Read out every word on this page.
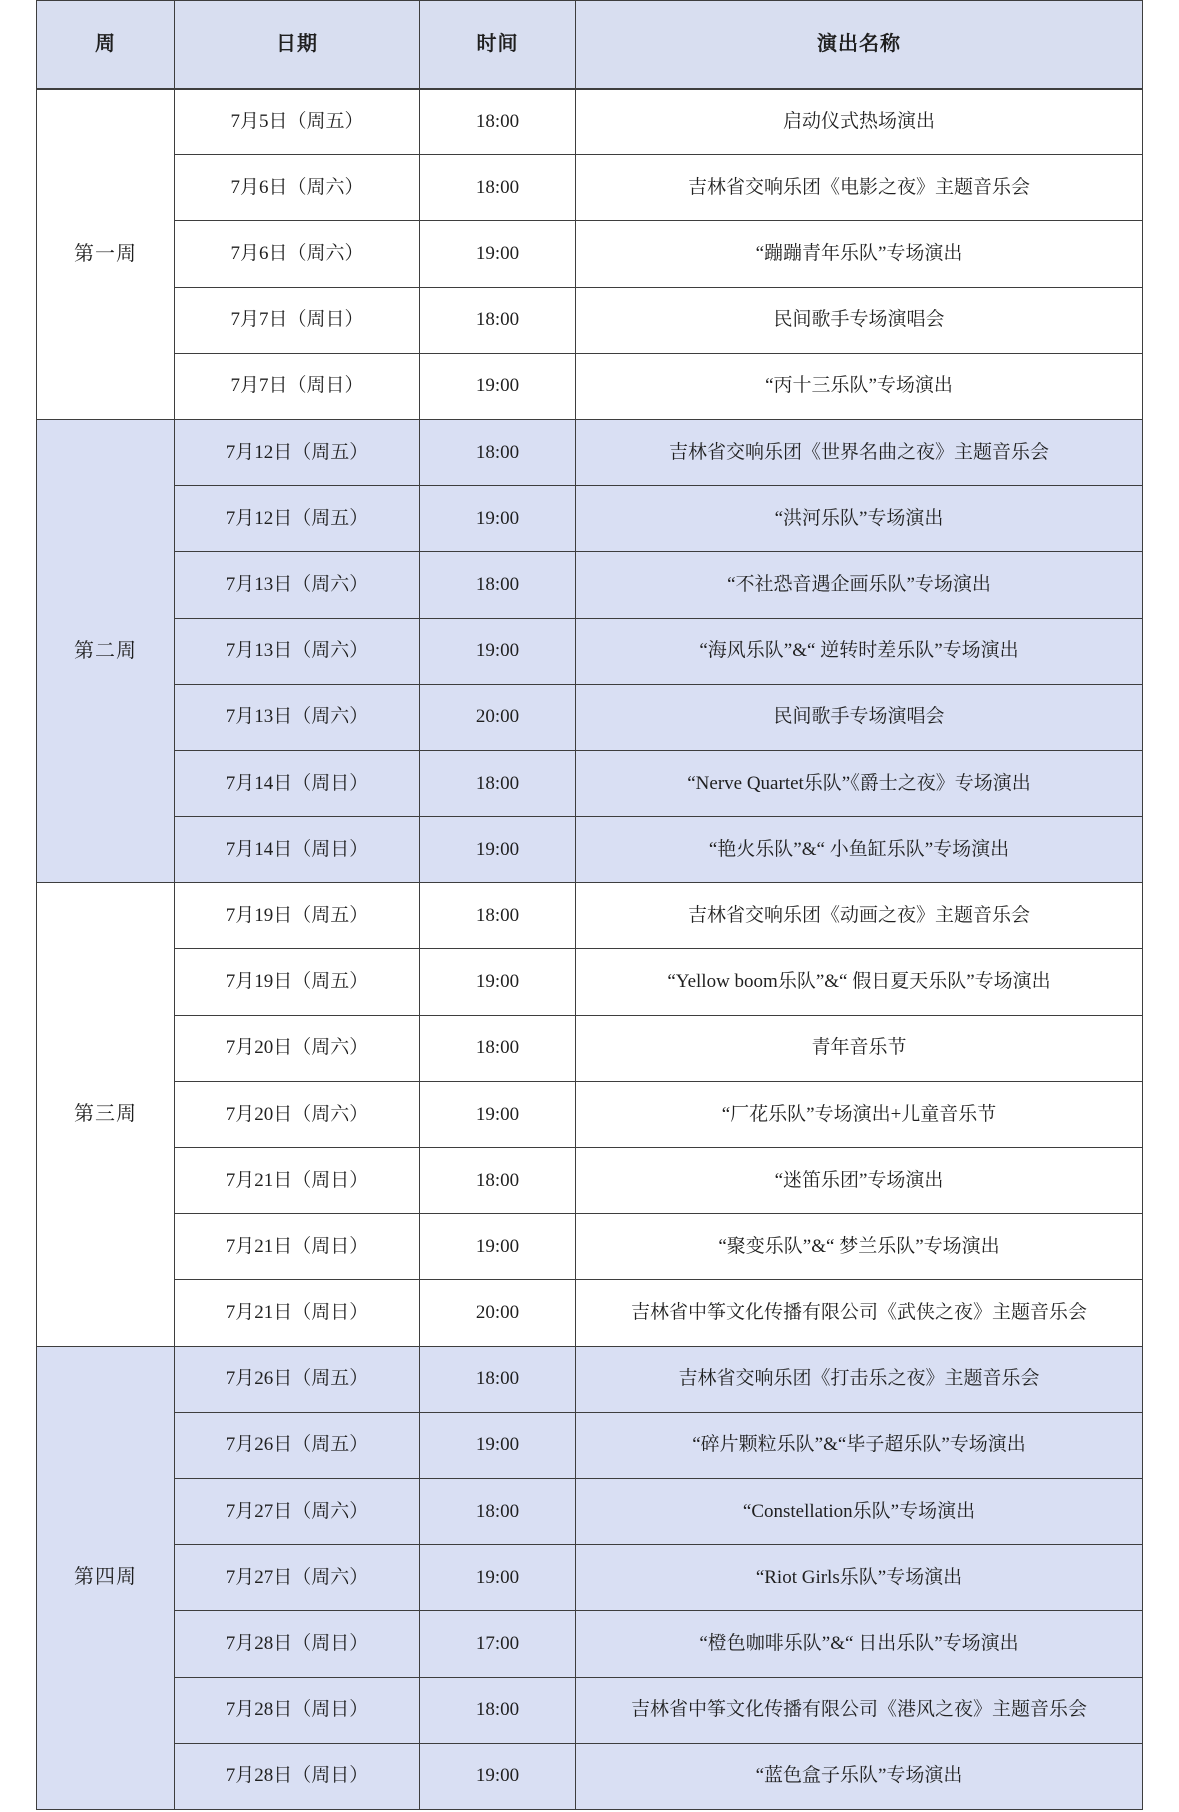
周	日期	时间	演出名称
第一周	7月5日（周五）	18:00	启动仪式热场演出
	7月6日（周六）	18:00	吉林省交响乐团《电影之夜》主题音乐会
	7月6日（周六）	19:00	“蹦蹦青年乐队”专场演出
	7月7日（周日）	18:00	民间歌手专场演唱会
	7月7日（周日）	19:00	“丙十三乐队”专场演出
第二周	7月12日（周五）	18:00	吉林省交响乐团《世界名曲之夜》主题音乐会
	7月12日（周五）	19:00	“洪河乐队”专场演出
	7月13日（周六）	18:00	“不社恐音遇企画乐队”专场演出
	7月13日（周六）	19:00	“海风乐队”&“ 逆转时差乐队”专场演出
	7月13日（周六）	20:00	民间歌手专场演唱会
	7月14日（周日）	18:00	“Nerve Quartet乐队”《爵士之夜》专场演出
	7月14日（周日）	19:00	“艳火乐队”&“ 小鱼缸乐队”专场演出
第三周	7月19日（周五）	18:00	吉林省交响乐团《动画之夜》主题音乐会
	7月19日（周五）	19:00	“Yellow boom乐队”&“ 假日夏天乐队”专场演出
	7月20日（周六）	18:00	青年音乐节
	7月20日（周六）	19:00	“厂花乐队”专场演出+儿童音乐节
	7月21日（周日）	18:00	“迷笛乐团”专场演出
	7月21日（周日）	19:00	“聚变乐队”&“ 梦兰乐队”专场演出
	7月21日（周日）	20:00	吉林省中筝文化传播有限公司《武侠之夜》主题音乐会
第四周	7月26日（周五）	18:00	吉林省交响乐团《打击乐之夜》主题音乐会
	7月26日（周五）	19:00	“碎片颗粒乐队”&“毕子超乐队”专场演出
	7月27日（周六）	18:00	“Constellation乐队”专场演出
	7月27日（周六）	19:00	“Riot Girls乐队”专场演出
	7月28日（周日）	17:00	“橙色咖啡乐队”&“ 日出乐队”专场演出
	7月28日（周日）	18:00	吉林省中筝文化传播有限公司《港风之夜》主题音乐会
	7月28日（周日）	19:00	“蓝色盒子乐队”专场演出
